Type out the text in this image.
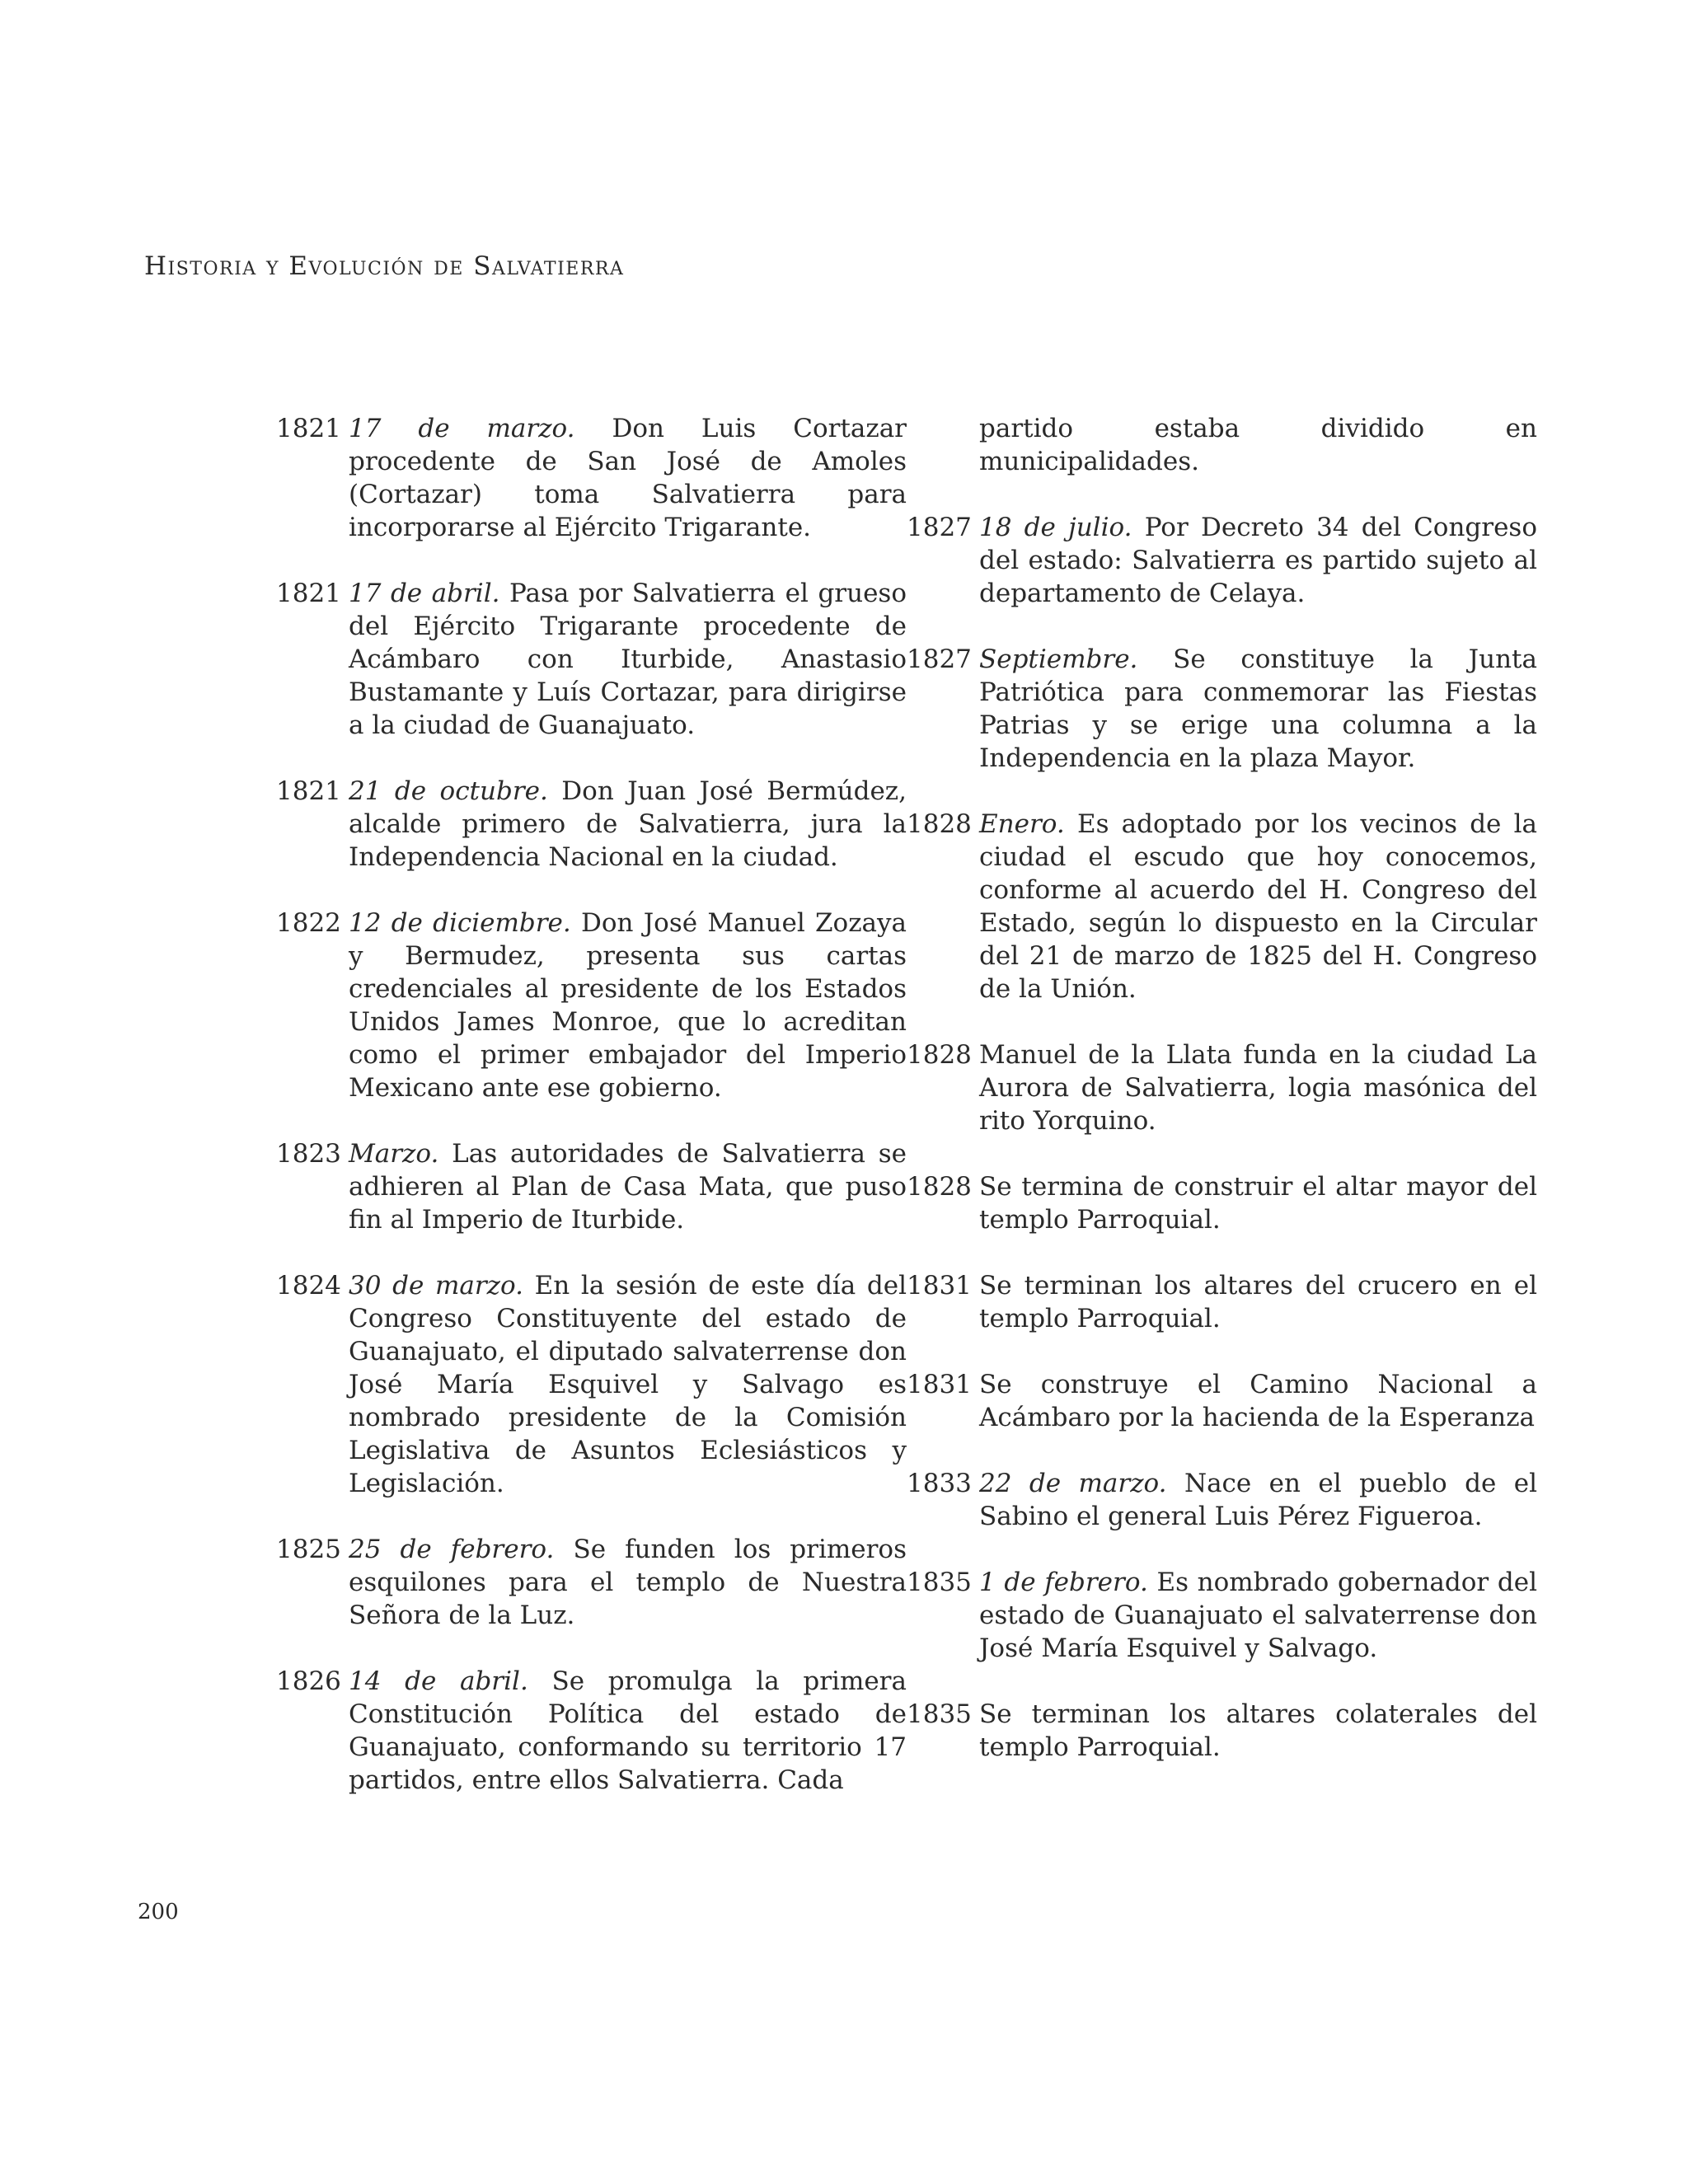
Historia y Evolución de Salvatierra
1821 17 de marzo. Don Luis Cortazar procedente de San José de Amoles (Cortazar) toma Salvatierra para incorporarse al Ejército Trigarante.
1821 17 de abril. Pasa por Salvatierra el grueso del Ejército Trigarante procedente de Acámbaro con Iturbide, Anastasio Bustamante y Luís Cortazar, para dirigirse a la ciudad de Guanajuato.
1821 21 de octubre. Don Juan José Bermúdez, alcalde primero de Salvatierra, jura la Independencia Nacional en la ciudad.
1822 12 de diciembre. Don José Manuel Zozaya y Bermudez, presenta sus cartas credenciales al presidente de los Estados Unidos James Monroe, que lo acreditan como el primer embajador del Imperio Mexicano ante ese gobierno.
1823 Marzo. Las autoridades de Salvatierra se adhieren al Plan de Casa Mata, que puso fin al Imperio de Iturbide.
1824 30 de marzo. En la sesión de este día del Congreso Constituyente del estado de Guanajuato, el diputado salvaterrense don José María Esquivel y Salvago es nombrado presidente de la Comisión Legislativa de Asuntos Eclesiásticos y Legislación.
1825 25 de febrero. Se funden los primeros esquilones para el templo de Nuestra Señora de la Luz.
1826 14 de abril. Se promulga la primera Constitución Política del estado de Guanajuato, conformando su territorio 17 partidos, entre ellos Salvatierra. Cada
partido estaba dividido en municipalidades.
1827 18 de julio. Por Decreto 34 del Congreso del estado: Salvatierra es partido sujeto al departamento de Celaya.
1827 Septiembre. Se constituye la Junta Patriótica para conmemorar las Fiestas Patrias y se erige una columna a la Independencia en la plaza Mayor.
1828 Enero. Es adoptado por los vecinos de la ciudad el escudo que hoy conocemos, conforme al acuerdo del H. Congreso del Estado, según lo dispuesto en la Circular del 21 de marzo de 1825 del H. Congreso de la Unión.
1828 Manuel de la Llata funda en la ciudad La Aurora de Salvatierra, logia masónica del rito Yorquino.
1828 Se termina de construir el altar mayor del templo Parroquial.
1831 Se terminan los altares del crucero en el templo Parroquial.
1831 Se construye el Camino Nacional a Acámbaro por la hacienda de la Esperanza
1833 22 de marzo. Nace en el pueblo de el Sabino el general Luis Pérez Figueroa.
1835 1 de febrero. Es nombrado gobernador del estado de Guanajuato el salvaterrense don José María Esquivel y Salvago.
1835 Se terminan los altares colaterales del templo Parroquial.
200
